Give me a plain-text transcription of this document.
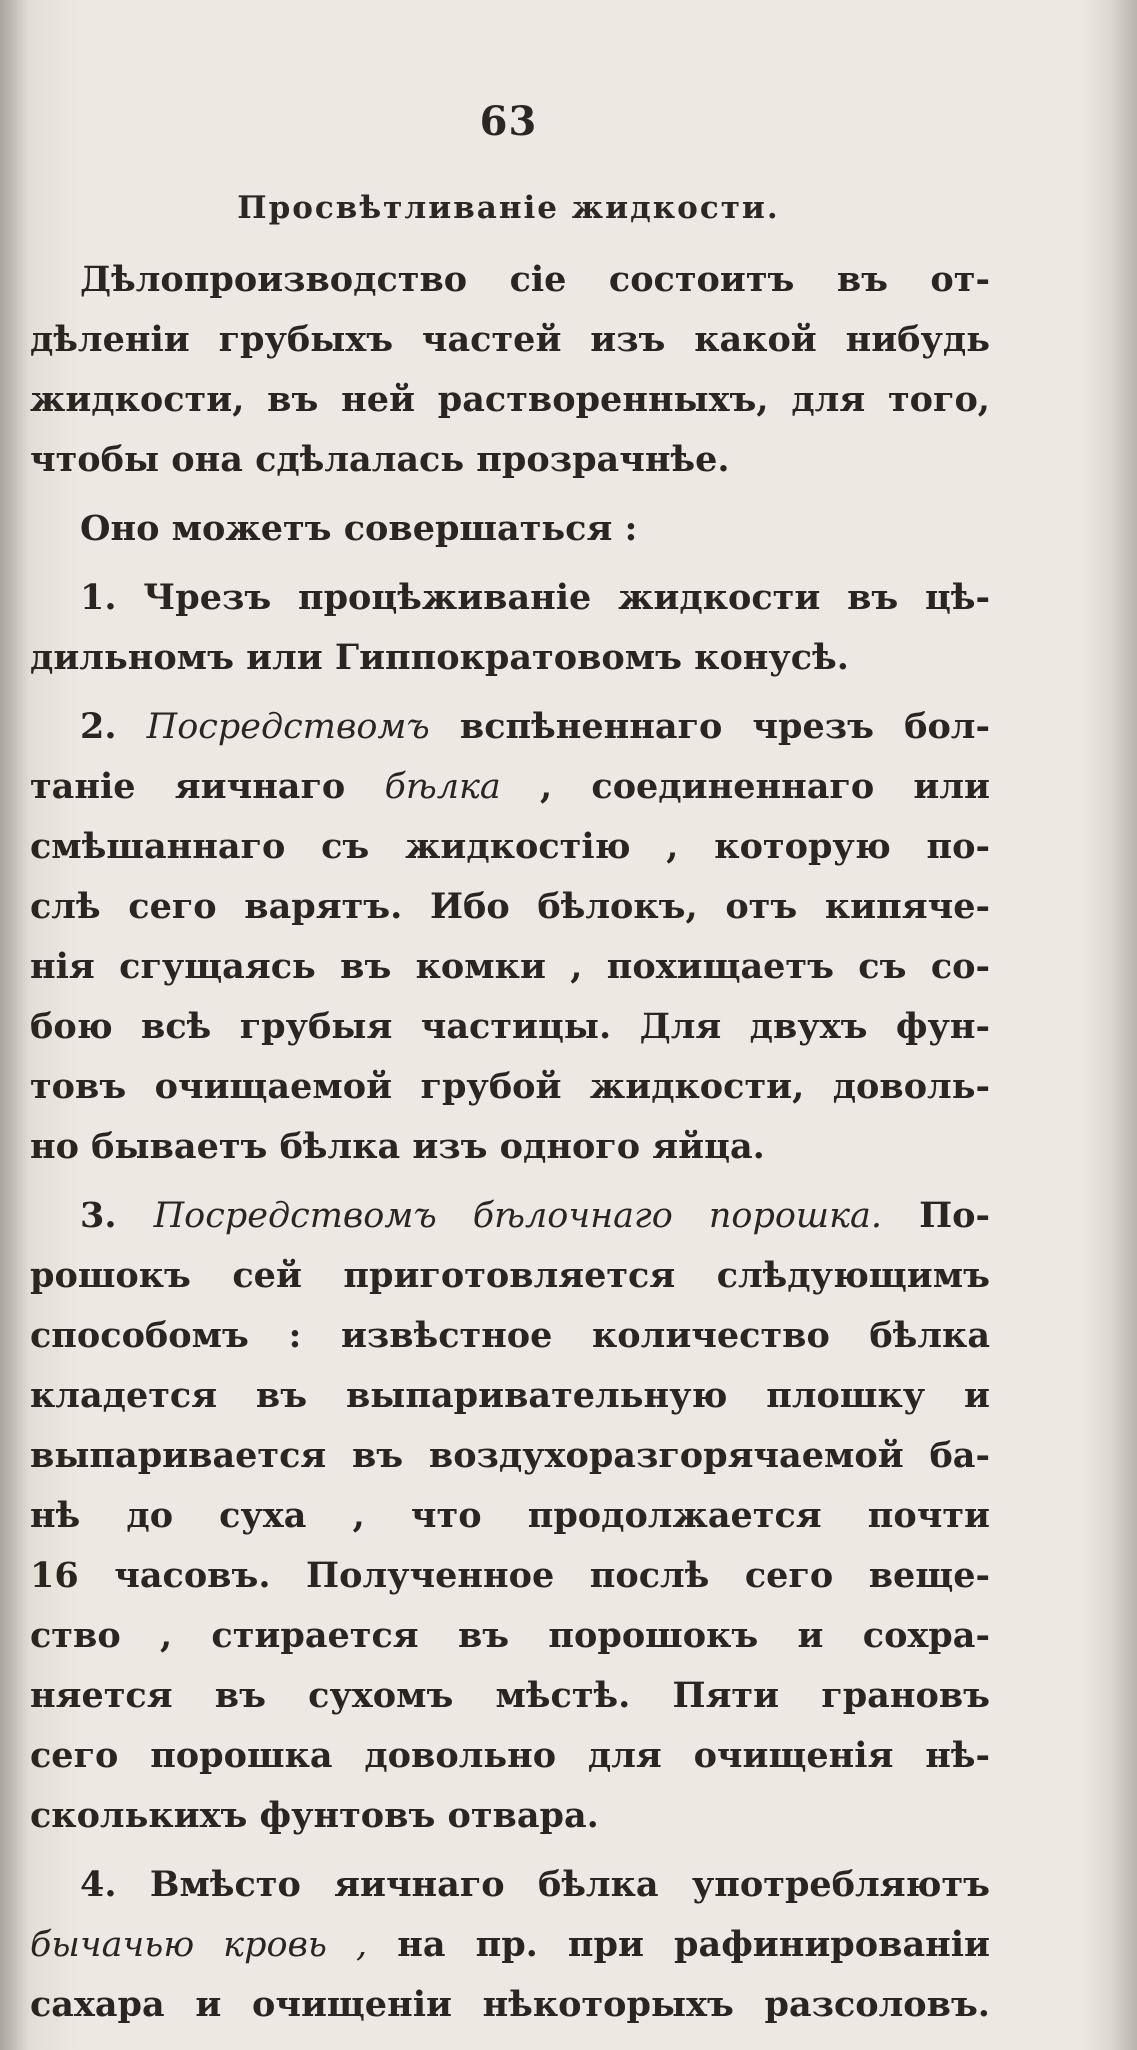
63
Просвѣтливанiе жидкости.
Дѣлопроизводство сiе состоитъ въ от-
дѣленiи грубыхъ частей изъ какой нибудь
жидкости, въ ней растворенныхъ, для того,
чтобы она сдѣлалась прозрачнѣе.
Оно можетъ совершаться :
1. Чрезъ процѣживанiе жидкости въ цѣ-
дильномъ или Гиппократовомъ конусѣ.
2. Посредствомъ вспѣненнаго чрезъ бол-
танiе яичнаго бѣлка , соединеннаго или
смѣшаннаго съ жидкостiю , которую по-
слѣ сего варятъ. Ибо бѣлокъ, отъ кипяче-
нiя сгущаясь въ комки , похищаетъ съ со-
бою всѣ грубыя частицы. Для двухъ фун-
товъ очищаемой грубой жидкости, доволь-
но бываетъ бѣлка изъ одного яйца.
3. Посредствомъ бѣлочнаго порошка. По-
рошокъ сей приготовляется слѣдующимъ
способомъ : извѣстное количество бѣлка
кладется въ выпаривательную плошку и
выпаривается въ воздухоразгорячаемой ба-
нѣ до суха , что продолжается почти
16 часовъ. Полученное послѣ сего веще-
ство , стирается въ порошокъ и сохра-
няется въ сухомъ мѣстѣ. Пяти грановъ
сего порошка довольно для очищенiя нѣ-
сколькихъ фунтовъ отвара.
4. Вмѣсто яичнаго бѣлка употребляютъ
бычачью кровь , на пр. при рафинированiи
сахара и очищенiи нѣкоторыхъ разсоловъ.
